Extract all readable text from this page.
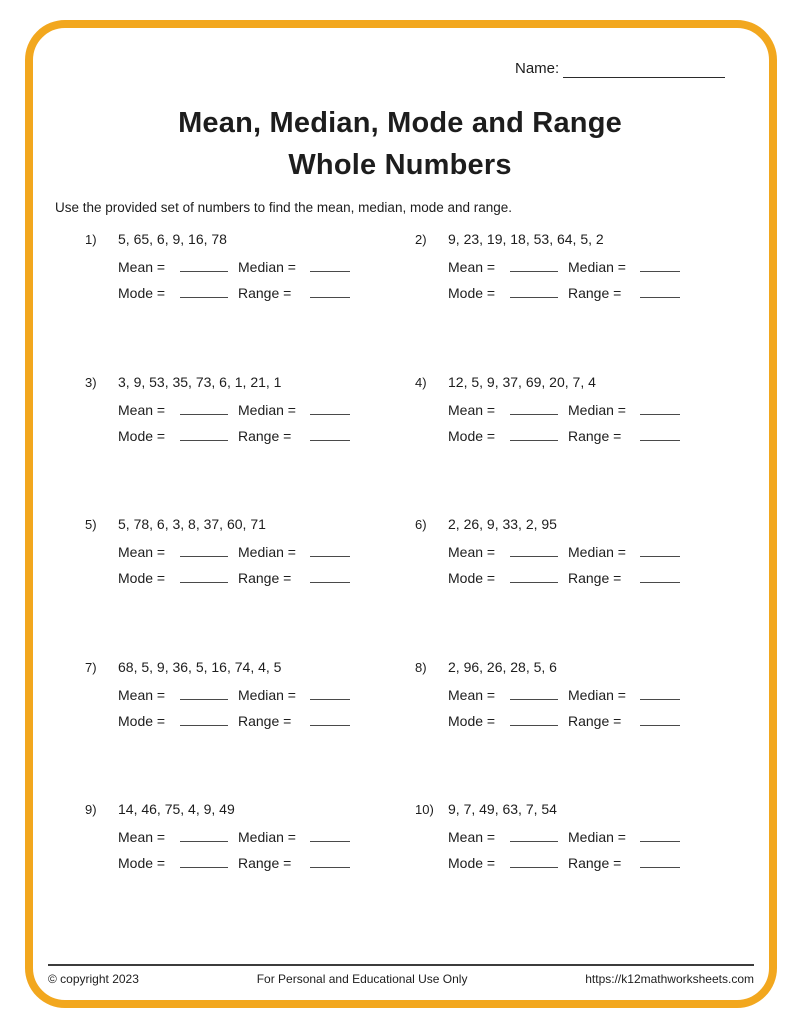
Name:
Mean, Median, Mode and Range
Whole Numbers
Use the provided set of numbers to find the mean, median, mode and range.
1)	5, 65, 6, 9, 16, 78
Mean =	Median =
Mode =	Range =
2)	9, 23, 19, 18, 53, 64, 5, 2
Mean =	Median =
Mode =	Range =
3)	3, 9, 53, 35, 73, 6, 1, 21, 1
Mean =	Median =
Mode =	Range =
4)	12, 5, 9, 37, 69, 20, 7, 4
Mean =	Median =
Mode =	Range =
5)	5, 78, 6, 3, 8, 37, 60, 71
Mean =	Median =
Mode =	Range =
6)	2, 26, 9, 33, 2, 95
Mean =	Median =
Mode =	Range =
7)	68, 5, 9, 36, 5, 16, 74, 4, 5
Mean =	Median =
Mode =	Range =
8)	2, 96, 26, 28, 5, 6
Mean =	Median =
Mode =	Range =
9)	14, 46, 75, 4, 9, 49
Mean =	Median =
Mode =	Range =
10)	9, 7, 49, 63, 7, 54
Mean =	Median =
Mode =	Range =
© copyright 2023	For Personal and Educational Use Only	https://k12mathworksheets.com
